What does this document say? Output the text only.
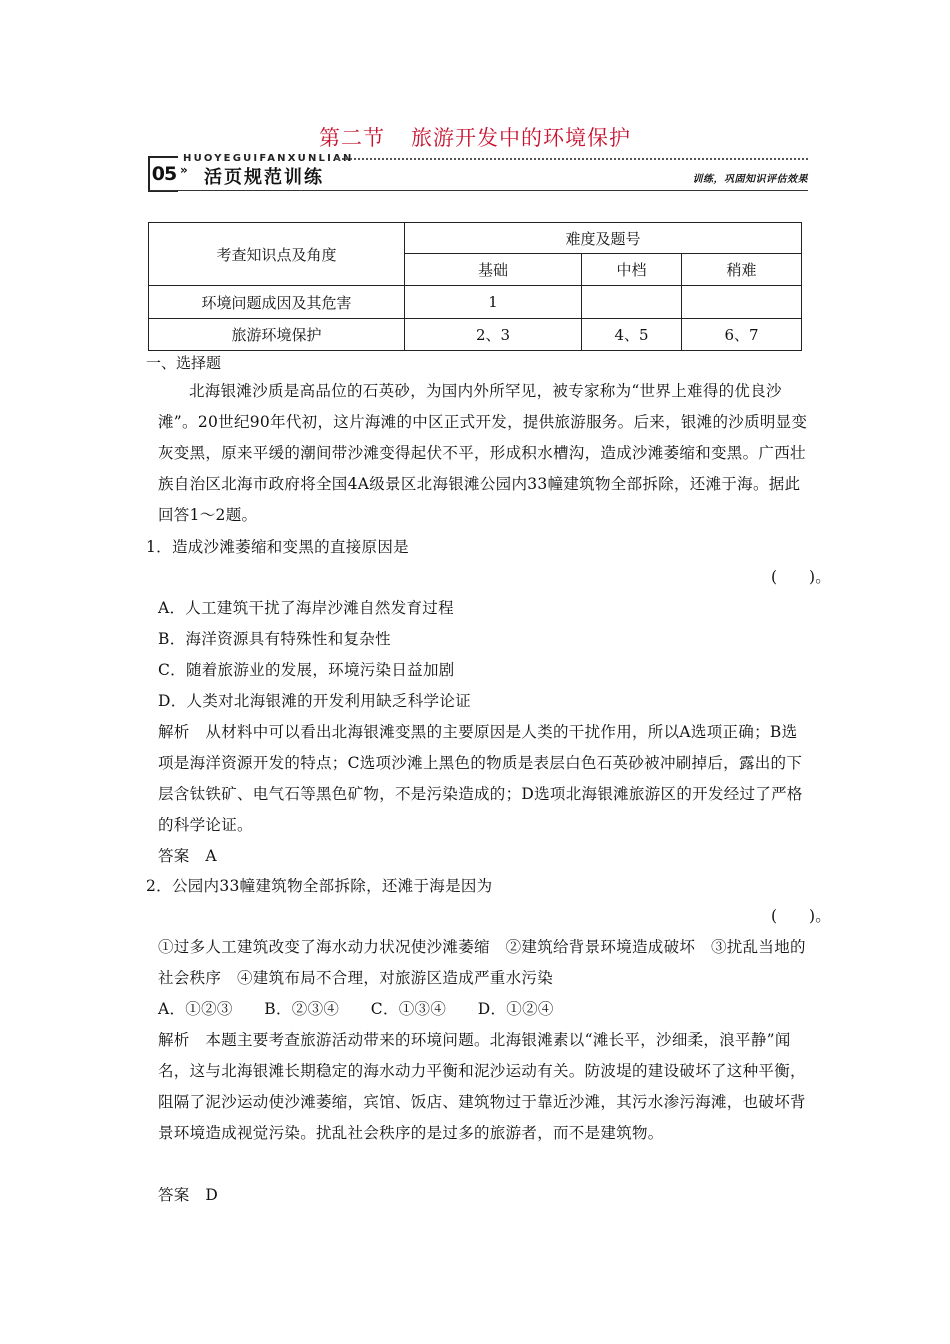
第二节 旅游开发中的环境保护
HUOYEGUIFANXUNLIAN
05 » 活页规范训练	训练，巩固知识评估效果
考查知识点及角度	难度及题号		
	基础	中档	稍难
环境问题成因及其危害	1		
旅游环境保护	2、3	4、5	6、7
一、选择题

北海银滩沙质是高品位的石英砂，为国内外所罕见，被专家称为“世界上难得的优良沙滩”。20世纪90年代初，这片海滩的中区正式开发，提供旅游服务。后来，银滩的沙质明显变灰变黑，原来平缓的潮间带沙滩变得起伏不平，形成积水槽沟，造成沙滩萎缩和变黑。广西壮族自治区北海市政府将全国4A级景区北海银滩公园内33幢建筑物全部拆除，还滩于海。据此回答1～2题。

1．造成沙滩萎缩和变黑的直接原因是

(　　)。

A．人工建筑干扰了海岸沙滩自然发育过程

B．海洋资源具有特殊性和复杂性

C．随着旅游业的发展，环境污染日益加剧

D．人类对北海银滩的开发利用缺乏科学论证

解析　从材料中可以看出北海银滩变黑的主要原因是人类的干扰作用，所以A选项正确；B选项是海洋资源开发的特点；C选项沙滩上黑色的物质是表层白色石英砂被冲刷掉后，露出的下层含钛铁矿、电气石等黑色矿物，不是污染造成的；D选项北海银滩旅游区的开发经过了严格的科学论证。

答案　A

2．公园内33幢建筑物全部拆除，还滩于海是因为

(　　)。

①过多人工建筑改变了海水动力状况使沙滩萎缩　②建筑给背景环境造成破坏　③扰乱当地的社会秩序　④建筑布局不合理，对旅游区造成严重水污染

A．①②③　　B．②③④　　C．①③④　　D．①②④

解析　本题主要考查旅游活动带来的环境问题。北海银滩素以“滩长平，沙细柔，浪平静”闻名，这与北海银滩长期稳定的海水动力平衡和泥沙运动有关。防波堤的建设破坏了这种平衡，阻隔了泥沙运动使沙滩萎缩，宾馆、饭店、建筑物过于靠近沙滩，其污水渗污海滩，也破坏背景环境造成视觉污染。扰乱社会秩序的是过多的旅游者，而不是建筑物。

答案　D
